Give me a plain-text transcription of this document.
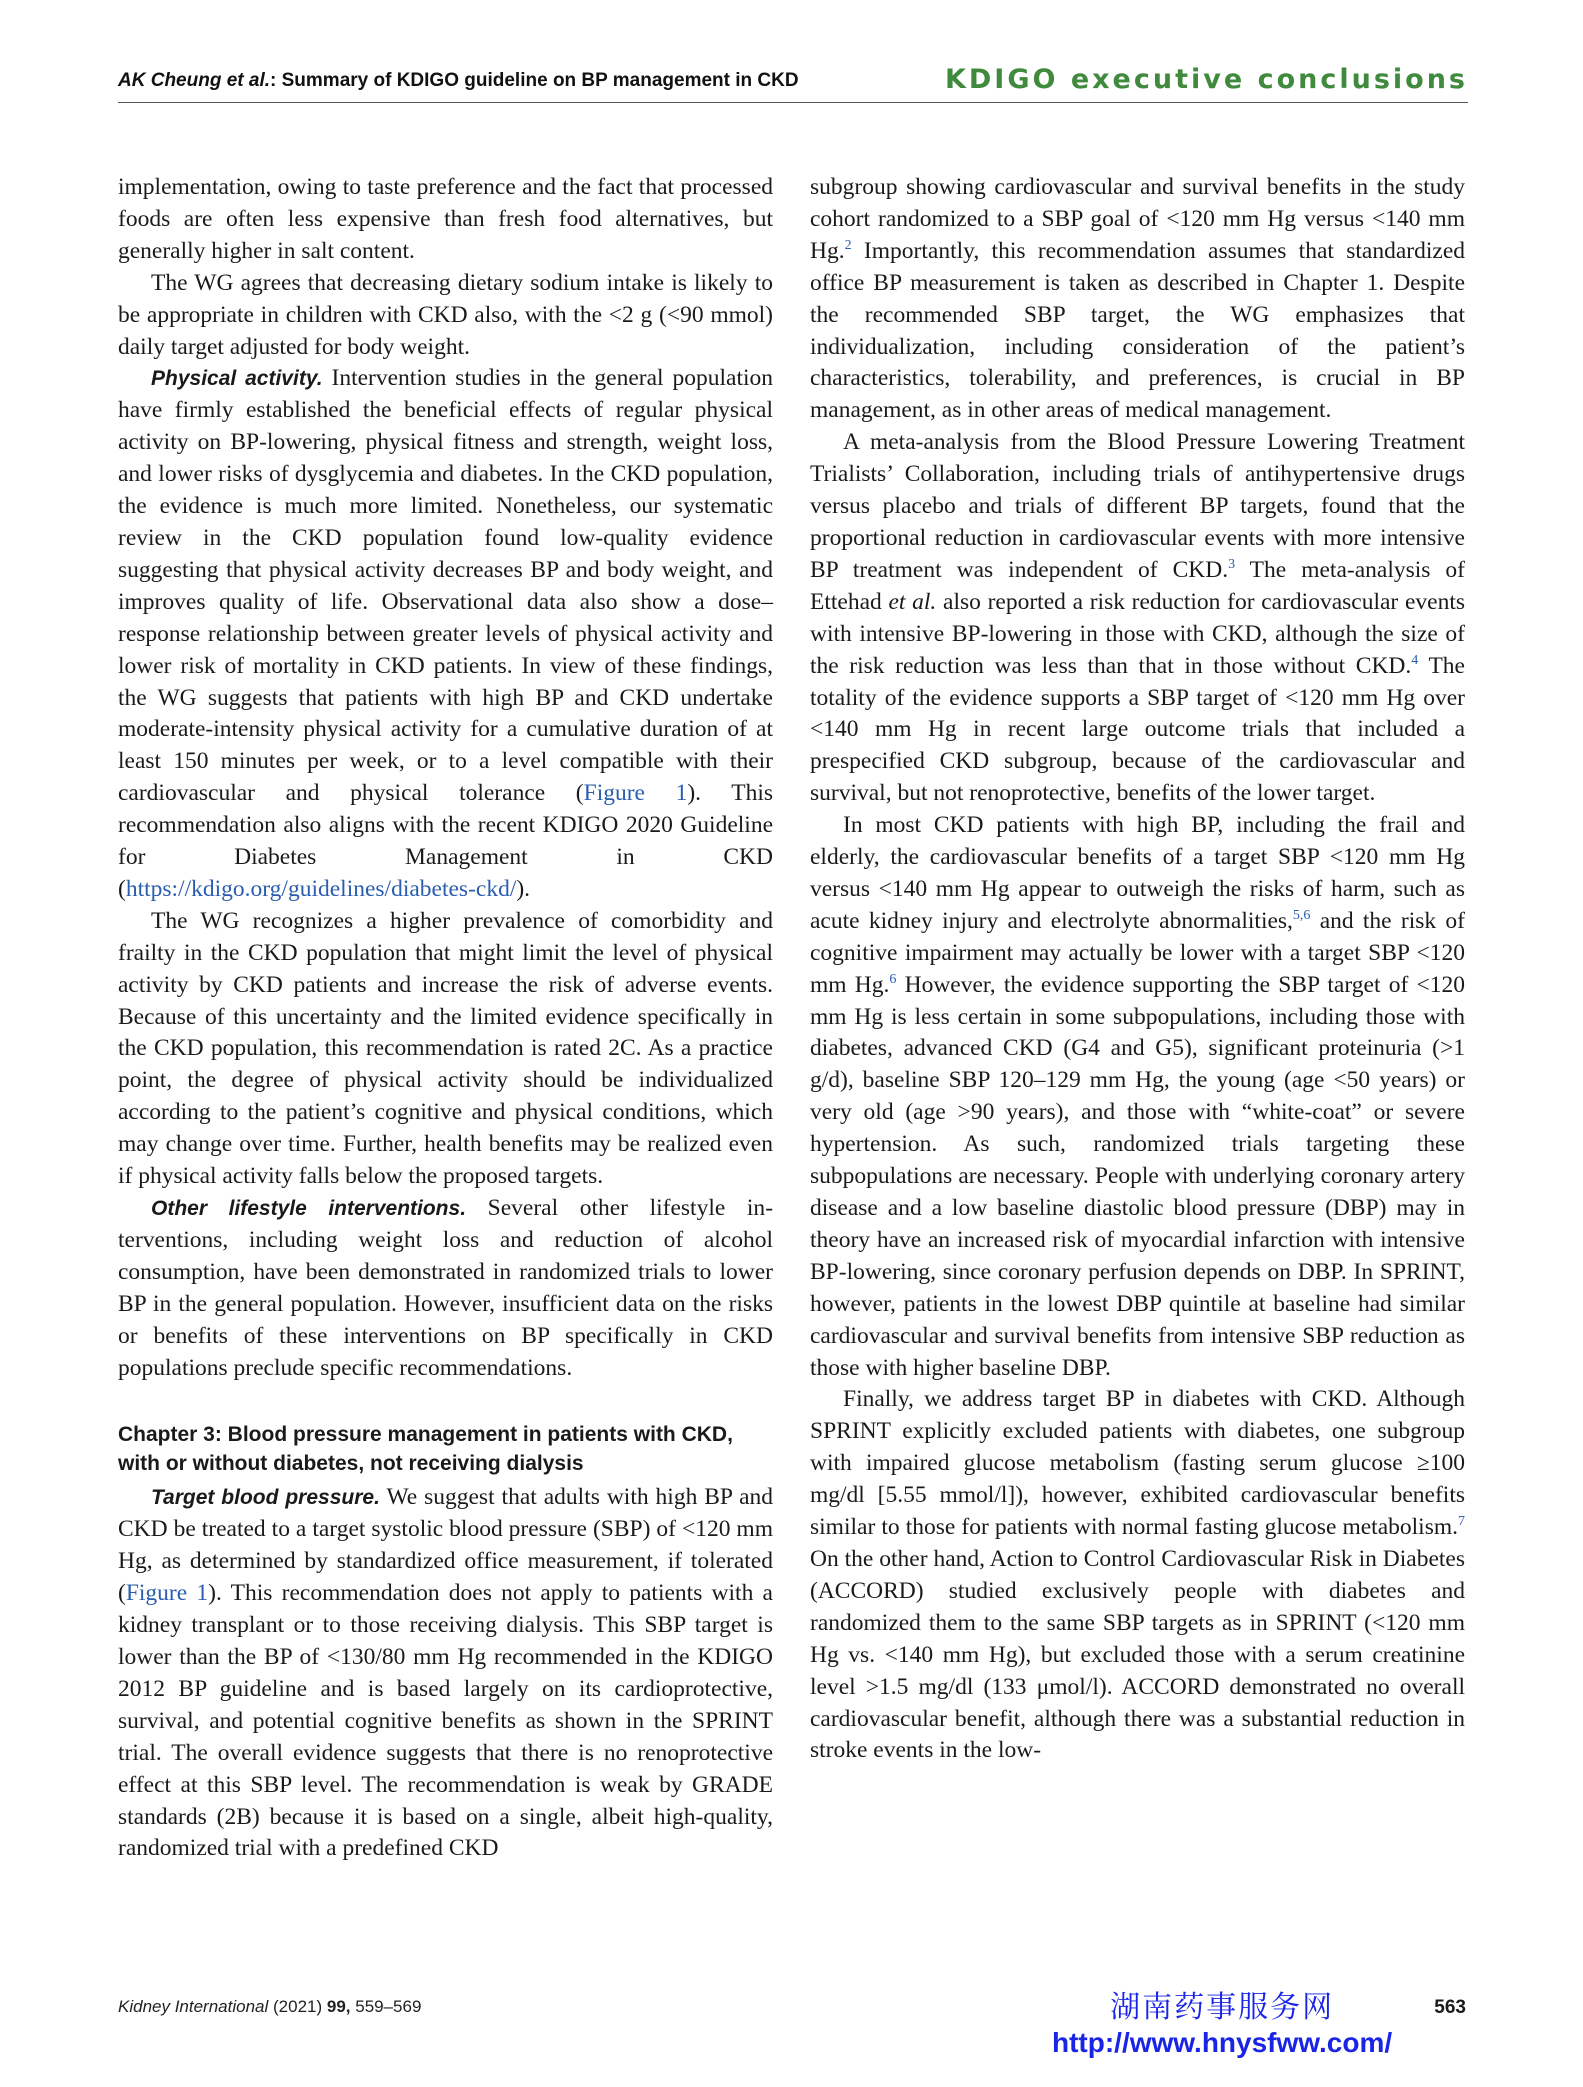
AK Cheung et al.: Summary of KDIGO guideline on BP management in CKD	KDIGO executive conclusions

implementation, owing to taste preference and the fact that processed foods are often less expensive than fresh food alternatives, but generally higher in salt content.

The WG agrees that decreasing dietary sodium intake is likely to be appropriate in children with CKD also, with the <2 g (<90 mmol) daily target adjusted for body weight.

Physical activity. Intervention studies in the general population have firmly established the beneficial effects of regular physical activity on BP-lowering, physical fitness and strength, weight loss, and lower risks of dysglycemia and diabetes. In the CKD population, the evidence is much more limited. Nonetheless, our systematic review in the CKD population found low-quality evidence suggesting that physical activity decreases BP and body weight, and improves quality of life. Observational data also show a dose–response relationship between greater levels of physical activity and lower risk of mortality in CKD patients. In view of these findings, the WG suggests that patients with high BP and CKD undertake moderate-intensity physical activity for a cumulative duration of at least 150 minutes per week, or to a level compatible with their cardiovascular and physical tolerance (Figure 1). This recommendation also aligns with the recent KDIGO 2020 Guideline for Diabetes Management in CKD (https://kdigo.org/guidelines/diabetes-​ckd/).

The WG recognizes a higher prevalence of comorbidity and frailty in the CKD population that might limit the level of physical activity by CKD patients and increase the risk of adverse events. Because of this uncertainty and the limited evidence specifically in the CKD population, this recommendation is rated 2C. As a practice point, the degree of physical activity should be individualized according to the patient’s cognitive and physical conditions, which may change over time. Further, health benefits may be realized even if physical activity falls below the proposed targets.

Other lifestyle interventions. Several other lifestyle interventions, including weight loss and reduction of alcohol consumption, have been demonstrated in randomized trials to lower BP in the general population. However, insufficient data on the risks or benefits of these interventions on BP specifically in CKD populations preclude specific recommendations.

Chapter 3: Blood pressure management in patients with CKD, with or without diabetes, not receiving dialysis

Target blood pressure. We suggest that adults with high BP and CKD be treated to a target systolic blood pressure (SBP) of <120 mm Hg, as determined by standardized office measurement, if tolerated (Figure 1). This recommendation does not apply to patients with a kidney transplant or to those receiving dialysis. This SBP target is lower than the BP of <130/80 mm Hg recommended in the KDIGO 2012 BP guideline and is based largely on its cardioprotective, survival, and potential cognitive benefits as shown in the SPRINT trial. The overall evidence suggests that there is no renoprotective effect at this SBP level. The recommendation is weak by GRADE standards (2B) because it is based on a single, albeit high-quality, randomized trial with a predefined CKD

subgroup showing cardiovascular and survival benefits in the study cohort randomized to a SBP goal of <120 mm Hg versus <140 mm Hg.$^2$ Importantly, this recommendation assumes that standardized office BP measurement is taken as described in Chapter 1. Despite the recommended SBP target, the WG emphasizes that individualization, including consideration of the patient’s characteristics, tolerability, and preferences, is crucial in BP management, as in other areas of medical management.

A meta-analysis from the Blood Pressure Lowering Treatment Trialists’ Collaboration, including trials of antihypertensive drugs versus placebo and trials of different BP targets, found that the proportional reduction in cardiovascular events with more intensive BP treatment was independent of CKD.$^3$ The meta-analysis of Ettehad et al. also reported a risk reduction for cardiovascular events with intensive BP-lowering in those with CKD, although the size of the risk reduction was less than that in those without CKD.$^4$ The totality of the evidence supports a SBP target of <120 mm Hg over <140 mm Hg in recent large outcome trials that included a prespecified CKD subgroup, because of the cardiovascular and survival, but not renoprotective, benefits of the lower target.

In most CKD patients with high BP, including the frail and elderly, the cardiovascular benefits of a target SBP <120 mm Hg versus <140 mm Hg appear to outweigh the risks of harm, such as acute kidney injury and electrolyte abnormalities,$^{5,6}$ and the risk of cognitive impairment may actually be lower with a target SBP <120 mm Hg.$^6$ However, the evidence supporting the SBP target of <120 mm Hg is less certain in some subpopulations, including those with diabetes, advanced CKD (G4 and G5), significant proteinuria (>1 g/d), baseline SBP 120–129 mm Hg, the young (age <50 years) or very old (age >90 years), and those with “white-coat” or severe hypertension. As such, randomized trials targeting these subpopulations are necessary. People with underlying coronary artery disease and a low baseline diastolic blood pressure (DBP) may in theory have an increased risk of myocardial infarction with intensive BP-lowering, since coronary perfusion depends on DBP. In SPRINT, however, patients in the lowest DBP quintile at baseline had similar cardiovascular and survival benefits from intensive SBP reduction as those with higher baseline DBP.

Finally, we address target BP in diabetes with CKD. Although SPRINT explicitly excluded patients with diabetes, one subgroup with impaired glucose metabolism (fasting serum glucose ≥100 mg/dl [5.55 mmol/l]), however, exhibited cardiovascular benefits similar to those for patients with normal fasting glucose metabolism.$^7$ On the other hand, Action to Control Cardiovascular Risk in Diabetes (ACCORD) studied exclusively people with diabetes and randomized them to the same SBP targets as in SPRINT (<120 mm Hg vs. <140 mm Hg), but excluded those with a serum creatinine level >1.5 mg/dl (133 μmol/l). ACCORD demonstrated no overall cardiovascular benefit, although there was a substantial reduction in stroke events in the low-

Kidney International (2021) 99, 559–569	563
湖南药事服务网
http://www.hnysfww.com/
